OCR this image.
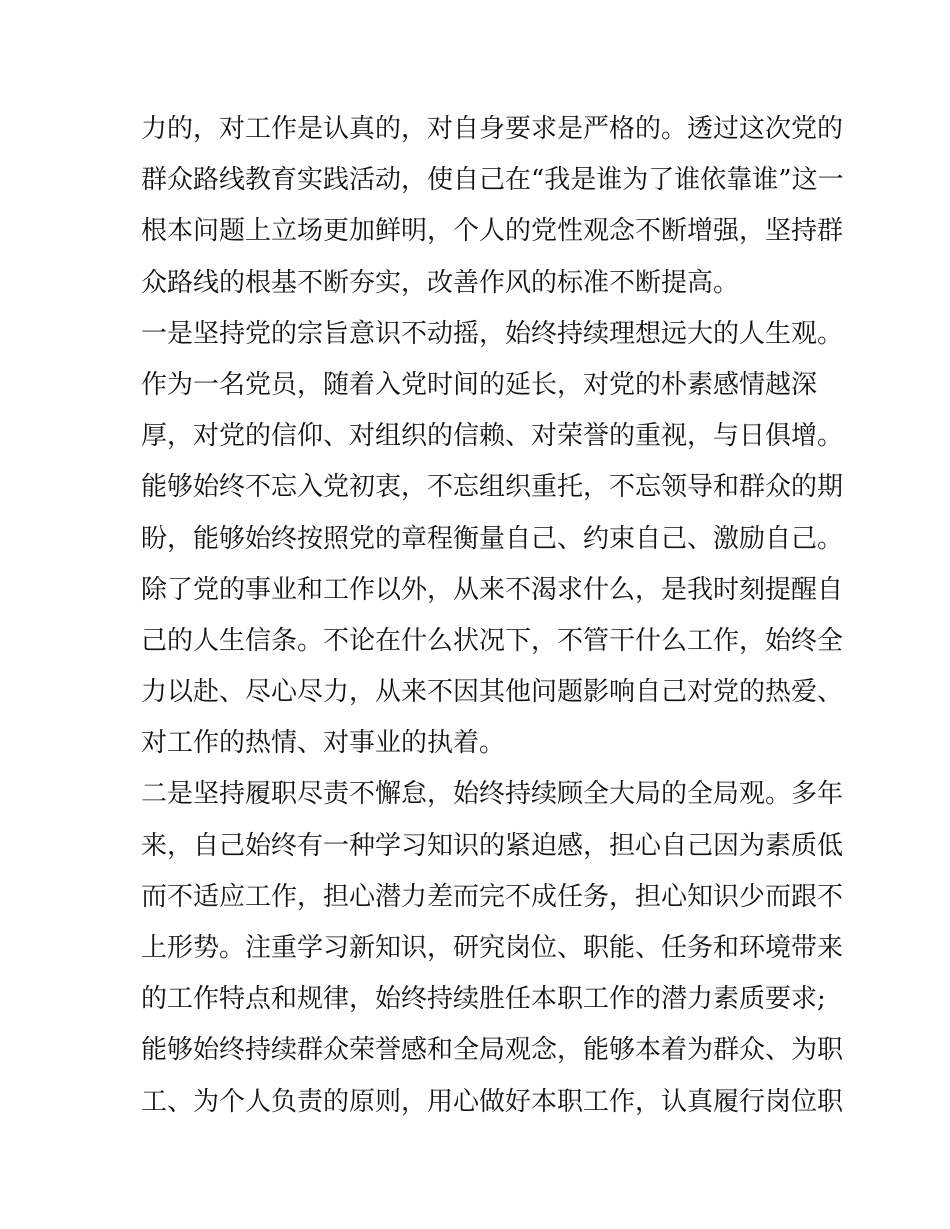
力的，对工作是认真的，对自身要求是严格的。透过这次党的
群众路线教育实践活动，使自己在“我是谁为了谁依靠谁”这一
根本问题上立场更加鲜明，个人的党性观念不断增强，坚持群
众路线的根基不断夯实，改善作风的标准不断提高。
一是坚持党的宗旨意识不动摇，始终持续理想远大的人生观。
作为一名党员，随着入党时间的延长，对党的朴素感情越深
厚，对党的信仰、对组织的信赖、对荣誉的重视，与日俱增。
能够始终不忘入党初衷，不忘组织重托，不忘领导和群众的期
盼，能够始终按照党的章程衡量自己、约束自己、激励自己。
除了党的事业和工作以外，从来不渴求什么，是我时刻提醒自
己的人生信条。不论在什么状况下，不管干什么工作，始终全
力以赴、尽心尽力，从来不因其他问题影响自己对党的热爱、
对工作的热情、对事业的执着。
二是坚持履职尽责不懈怠，始终持续顾全大局的全局观。多年
来，自己始终有一种学习知识的紧迫感，担心自己因为素质低
而不适应工作，担心潜力差而完不成任务，担心知识少而跟不
上形势。注重学习新知识，研究岗位、职能、任务和环境带来
的工作特点和规律，始终持续胜任本职工作的潜力素质要求;
能够始终持续群众荣誉感和全局观念，能够本着为群众、为职
工、为个人负责的原则，用心做好本职工作，认真履行岗位职
